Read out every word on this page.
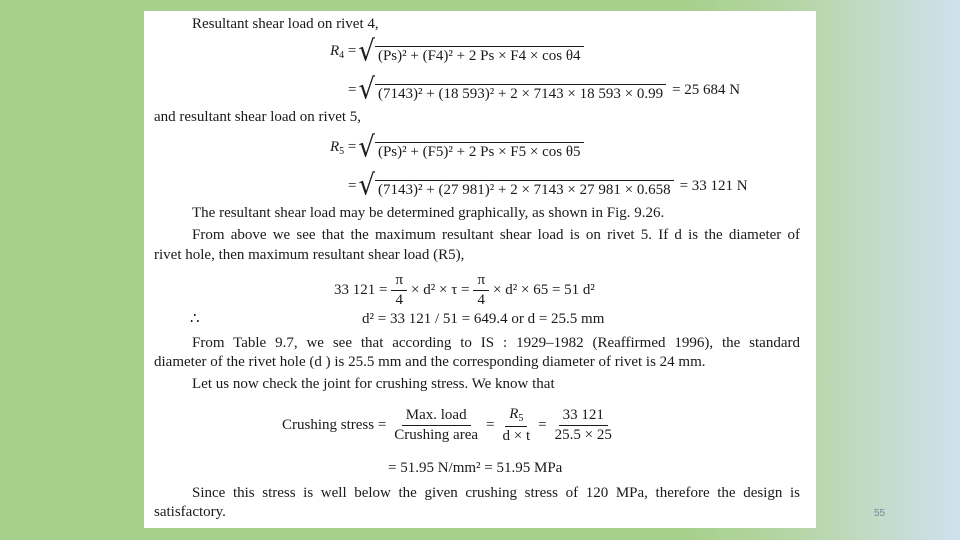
Resultant shear load on rivet 4,
$R_4$ = √ (Ps)² + (F4)² + 2 Ps × F4 × cos θ4
= √ (7143)² + (18 593)² + 2 × 7143 × 18 593 × 0.99 = 25 684 N
and resultant shear load on rivet 5,
$R_5$ = √ (Ps)² + (F5)² + 2 Ps × F5 × cos θ5
= √ (7143)² + (27 981)² + 2 × 7143 × 27 981 × 0.658 = 33 121 N
The resultant shear load may be determined graphically, as shown in Fig. 9.26.
From above we see that the maximum resultant shear load is on rivet 5. If d is the diameter of
rivet hole, then maximum resultant shear load (R5),
33 $121 = \frac{\pi}{4} \times d^2 \times \tau = \frac{\pi}{4} \times d^2 \times 65 = 51$ d²
∴	d² = 33 121 / 51 = 649.4 or d = 25.5 mm
From Table 9.7, we see that according to IS : 1929–1982 (Reaffirmed 1996), the standard
diameter of the rivet hole (d ) is 25.5 mm and the corresponding diameter of rivet is 24 mm.
Let us now check the joint for crushing stress. We know that
Crushing stress = $\frac{\text{Max. load}}{\text{Crushing area}} = \frac{R_5}{d \times t} = \frac{33 121}{25.5 \times 25}$
= 51.95 N/mm² = 51.95 MPa
Since this stress is well below the given crushing stress of 120 MPa, therefore the design is
satisfactory.	55
